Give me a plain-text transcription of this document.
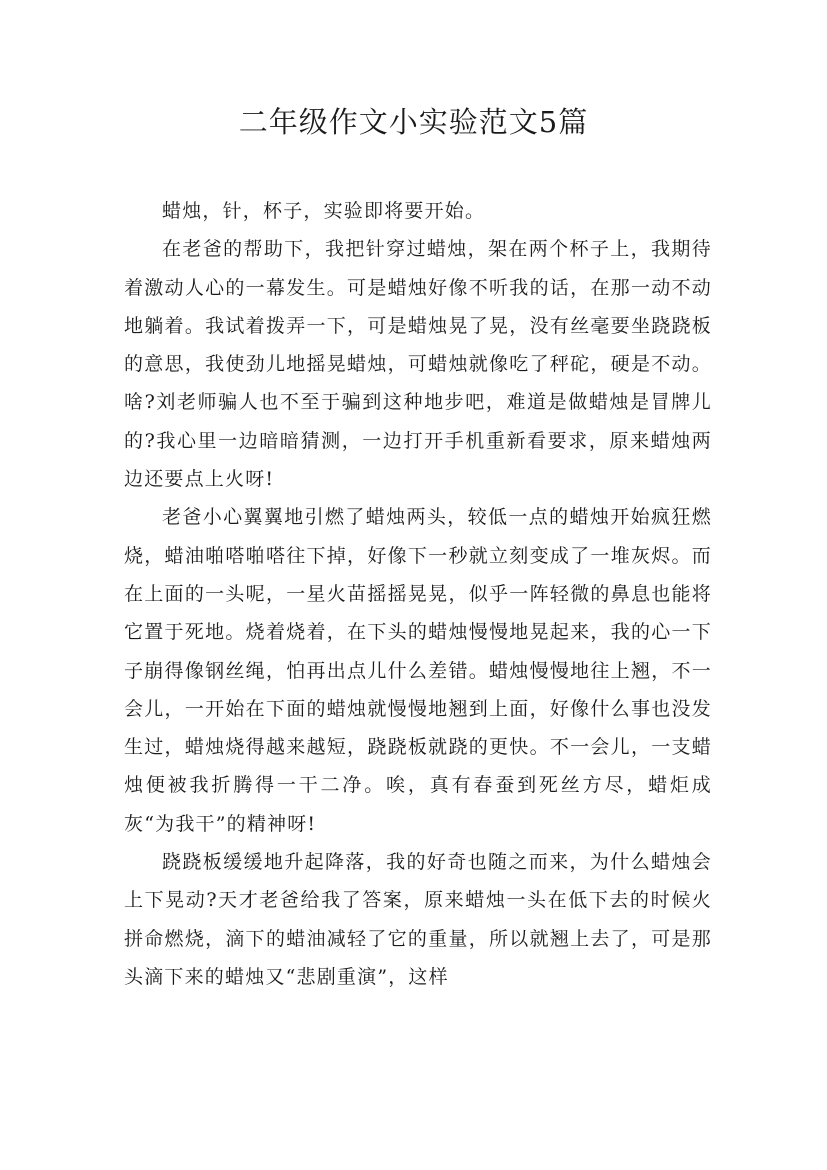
二年级作文小实验范文5篇

蜡烛，针，杯子，实验即将要开始。

在老爸的帮助下，我把针穿过蜡烛，架在两个杯子上，我期待着激动人心的一幕发生。可是蜡烛好像不听我的话，在那一动不动地躺着。我试着拨弄一下，可是蜡烛晃了晃，没有丝毫要坐跷跷板的意思，我使劲儿地摇晃蜡烛，可蜡烛就像吃了秤砣，硬是不动。啥?刘老师骗人也不至于骗到这种地步吧，难道是做蜡烛是冒牌儿的?我心里一边暗暗猜测，一边打开手机重新看要求，原来蜡烛两边还要点上火呀!

老爸小心翼翼地引燃了蜡烛两头，较低一点的蜡烛开始疯狂燃烧，蜡油啪嗒啪嗒往下掉，好像下一秒就立刻变成了一堆灰烬。而在上面的一头呢，一星火苗摇摇晃晃，似乎一阵轻微的鼻息也能将它置于死地。烧着烧着，在下头的蜡烛慢慢地晃起来，我的心一下子崩得像钢丝绳，怕再出点儿什么差错。蜡烛慢慢地往上翘，不一会儿，一开始在下面的蜡烛就慢慢地翘到上面，好像什么事也没发生过，蜡烛烧得越来越短，跷跷板就跷的更快。不一会儿，一支蜡烛便被我折腾得一干二净。唉，真有春蚕到死丝方尽，蜡炬成灰“为我干”的精神呀!

跷跷板缓缓地升起降落，我的好奇也随之而来，为什么蜡烛会上下晃动?天才老爸给我了答案，原来蜡烛一头在低下去的时候火拼命燃烧，滴下的蜡油减轻了它的重量，所以就翘上去了，可是那头滴下来的蜡烛又“悲剧重演”，这样
